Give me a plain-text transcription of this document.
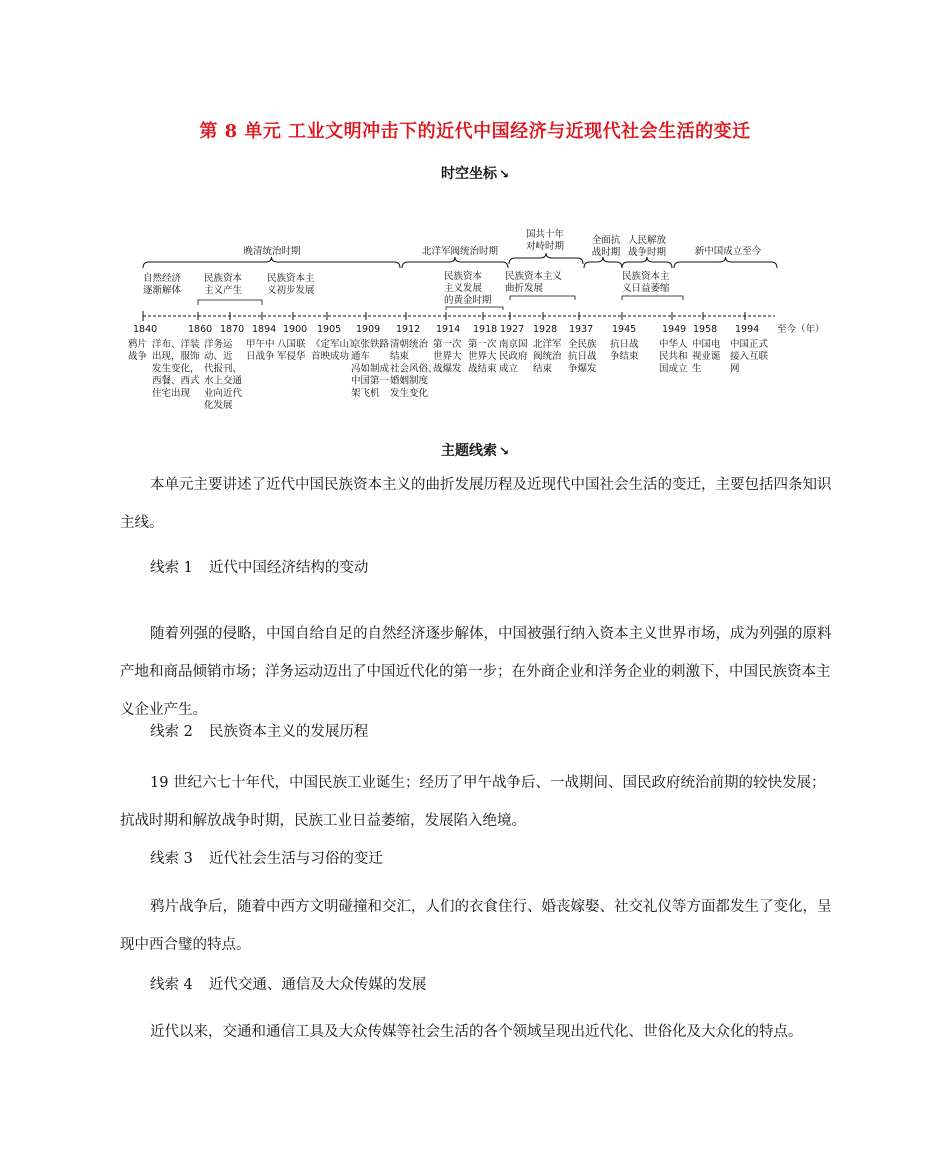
第 8 单元 工业文明冲击下的近代中国经济与近现代社会生活的变迁
时空坐标 ↘
1840	1860 1870 1894 1900 1905 1909 1912 1914 1918 1927 1928 1937 1945	1949 1958 1994 至今（年）
鸦片
战争
洋布、洋装
出现，服饰
发生变化，
西餐、西式
住宅出现
洋务运
动、近
代报刊、
水上交通
业向近代
化发展
甲午中
日战争
八国联
军侵华
《定军山》
首映成功
京张铁路
通车
冯如制成
中国第一
架飞机
清朝统治
结束
社会风俗、
婚姻制度
发生变化
第一次
世界大
战爆发
第一次
世界大
战结束
南京国
民政府
成立
北洋军
阀统治
结束
全民族
抗日战
争爆发
抗日战
争结束
中华人
民共和
国成立
中国电
视业诞
生
中国正式
接入互联
网
晚清统治时期	北洋军阀统治时期
国共十年
对峙时期
全面抗
战时期
人民解放
战争时期	新中国成立至今
自然经济
逐渐解体
民族资本
主义产生
民族资本主
义初步发展
民族资本
主义发展
的黄金时期
民族资本主义
曲折发展
民族资本主
义日益萎缩
主题线索 ↘

本单元主要讲述了近代中国民族资本主义的曲折发展历程及近现代中国社会生活的变迁，主要包括四条知识主线。

线索 1 近代中国经济结构的变动

随着列强的侵略，中国自给自足的自然经济逐步解体，中国被强行纳入资本主义世界市场，成为列强的原料产地和商品倾销市场；洋务运动迈出了中国近代化的第一步；在外商企业和洋务企业的刺激下，中国民族资本主义企业产生。

线索 2 民族资本主义的发展历程

19 世纪六七十年代，中国民族工业诞生；经历了甲午战争后、一战期间、国民政府统治前期的较快发展；抗战时期和解放战争时期，民族工业日益萎缩，发展陷入绝境。

线索 3 近代社会生活与习俗的变迁

鸦片战争后，随着中西方文明碰撞和交汇，人们的衣食住行、婚丧嫁娶、社交礼仪等方面都发生了变化，呈现中西合璧的特点。

线索 4 近代交通、通信及大众传媒的发展

近代以来，交通和通信工具及大众传媒等社会生活的各个领域呈现出近代化、世俗化及大众化的特点。
